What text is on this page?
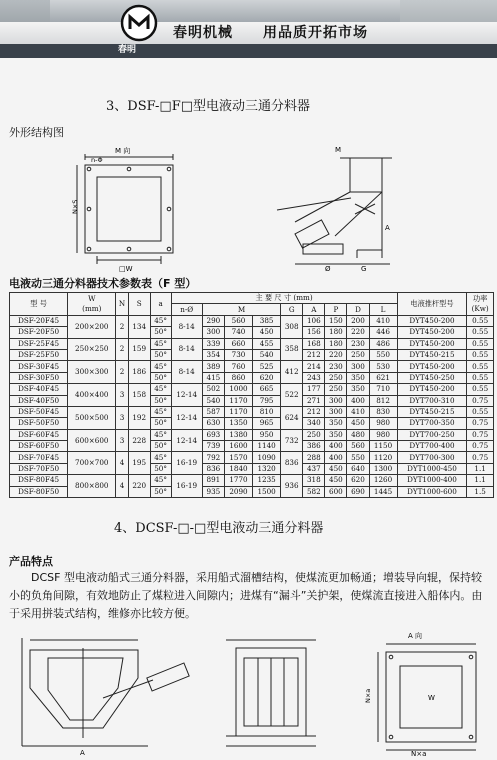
春明
春明机械 用品质开拓市场
3、DSF-□F□型电液动三通分料器
外形结构图
M 向
n-Φ
N×S
□W
M
Ø	G
A
电液动三通分料器技术参数表（F 型）
型 号	W
(mm)	N	S	a	主 要 尺 寸 (mm)									电液推杆型号	功率
(Kw)
					n-Ø	M			G	A	P	D	L		
DSF-20F45	200×200	2	134	45°	8-14	290	560	385	308	106	150	200	410	DYT450-200	0.55
DSF-20F50				50°		300	740	450		156	180	220	446	DYT450-200	0.55
DSF-25F45	250×250	2	159	45°	8-14	339	660	455	358	168	180	230	486	DYT450-200	0.55
DSF-25F50				50°		354	730	540		212	220	250	550	DYT450-215	0.55
DSF-30F45	300×300	2	186	45°	8-14	389	760	525	412	214	230	300	530	DYT450-200	0.55
DSF-30F50				50°		415	860	620		243	250	350	621	DYT450-250	0.55
DSF-40F45	400×400	3	158	45°	12-14	502	1000	665	522	177	250	350	710	DYT450-200	0.55
DSF-40F50				50°		540	1170	795		271	300	400	812	DYT700-310	0.75
DSF-50F45	500×500	3	192	45°	12-14	587	1170	810	624	212	300	410	830	DYT450-215	0.55
DSF-50F50				50°		630	1350	965		340	350	450	980	DYT700-350	0.75
DSF-60F45	600×600	3	228	45°	12-14	693	1380	950	732	250	350	480	980	DYT700-250	0.75
DSF-60F50				50°		739	1600	1140		386	400	560	1150	DYT700-400	0.75
DSF-70F45	700×700	4	195	45°	16-19	792	1570	1090	836	288	400	550	1120	DYT700-300	0.75
DSF-70F50				50°		836	1840	1320		437	450	640	1300	DYT1000-450	1.1
DSF-80F45	800×800	4	220	45°	16-19	891	1770	1235	936	318	450	620	1260	DYT1000-400	1.1
DSF-80F50				50°		935	2090	1500		582	600	690	1445	DYT1000-600	1.5
4、DCSF-□-□型电液动三通分料器
产品特点
DCSF 型电液动船式三通分料器，采用船式溜槽结构，使煤流更加畅通；增装导向辊，保持较小的负角间隙，有效地防止了煤粒进入间隙内；进煤有“漏斗”关护架，使煤流直接进入船体内。由于采用拼装式结构，维修亦比较方便。
A 向
N×a
N×a	W
A
